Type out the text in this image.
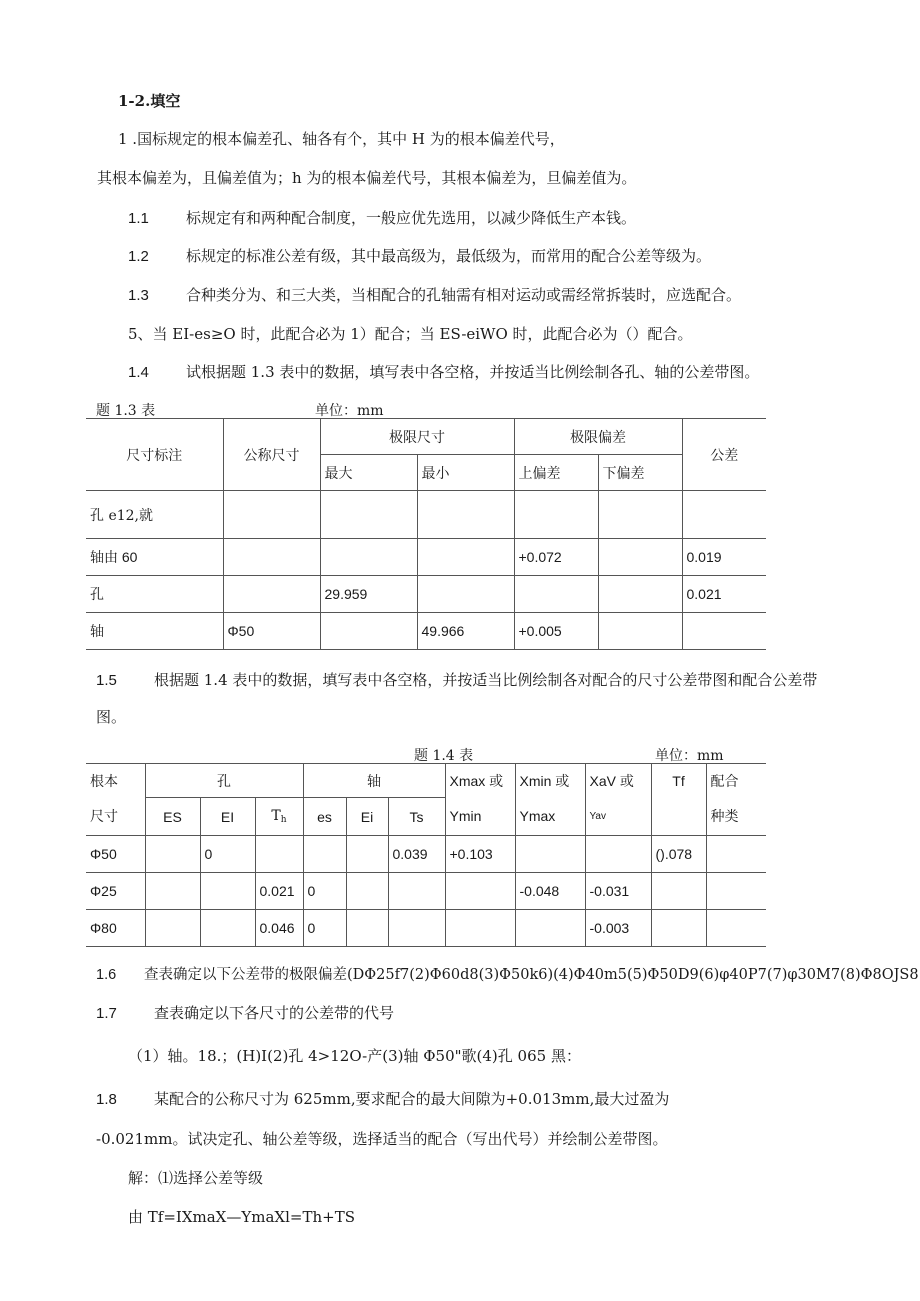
1-2.填空
1 .国标规定的根本偏差孔、轴各有个，其中 H 为的根本偏差代号，
其根本偏差为，且偏差值为；h 为的根本偏差代号，其根本偏差为，旦偏差值为。
1.1 标规定有和两种配合制度，一般应优先选用，以减少降低生产本钱。
1.2 标规定的标准公差有级，其中最高级为，最低级为，而常用的配合公差等级为。
1.3 合种类分为、和三大类，当相配合的孔轴需有相对运动或需经常拆装时，应选配合。
5、当 EI-es≥O 时，此配合必为 1）配合；当 ES-eiWO 时，此配合必为（）配合。
1.4 试根据题 1.3 表中的数据，填写表中各空格，并按适当比例绘制各孔、轴的公差带图。
题 1.3 表	单位：mm
尺寸标注	公称尺寸	极限尺寸		极限偏差		公差
		最大	最小	上偏差	下偏差	
孔 e12,就						
轴由 60				+0.072		0.019
孔		29.959				0.021
轴	Φ50		49.966	+0.005		
1.5 根据题 1.4 表中的数据，填写表中各空格，并按适当比例绘制各对配合的尺寸公差带图和配合公差带
图。
题 1.4 表	单位：mm
根本	孔			轴			Xmax 或	Xmin 或	XaV 或	Tf	配合
尺寸	ES	EI	$T_h$	es	Ei	Ts	Ymin	Ymax	Yav		种类
Φ50		0				0.039	+0.103			().078	
Φ25			0.021	0				-0.048	-0.031		
Φ80			0.046	0					-0.003		
1.6 查表确定以下公差带的极限偏差(DΦ25f7(2)Φ60d8(3)Φ50k6)(4)Φ40m5(5)Φ50D9(6)φ40P7(7)φ30M7(8)Φ8OJS8
1.7 查表确定以下各尺寸的公差带的代号
（1）轴。18.；(H)I(2)孔 4>12O-产(3)轴 Φ50"歌(4)孔 065 黑：
1.8 某配合的公称尺寸为 625mm,要求配合的最大间隙为+0.013mm,最大过盈为
-0.021mm。试决定孔、轴公差等级，选择适当的配合（写出代号）并绘制公差带图。
解：⑴选择公差等级
由 Tf=IXmaX—YmaXl=Th+TS
